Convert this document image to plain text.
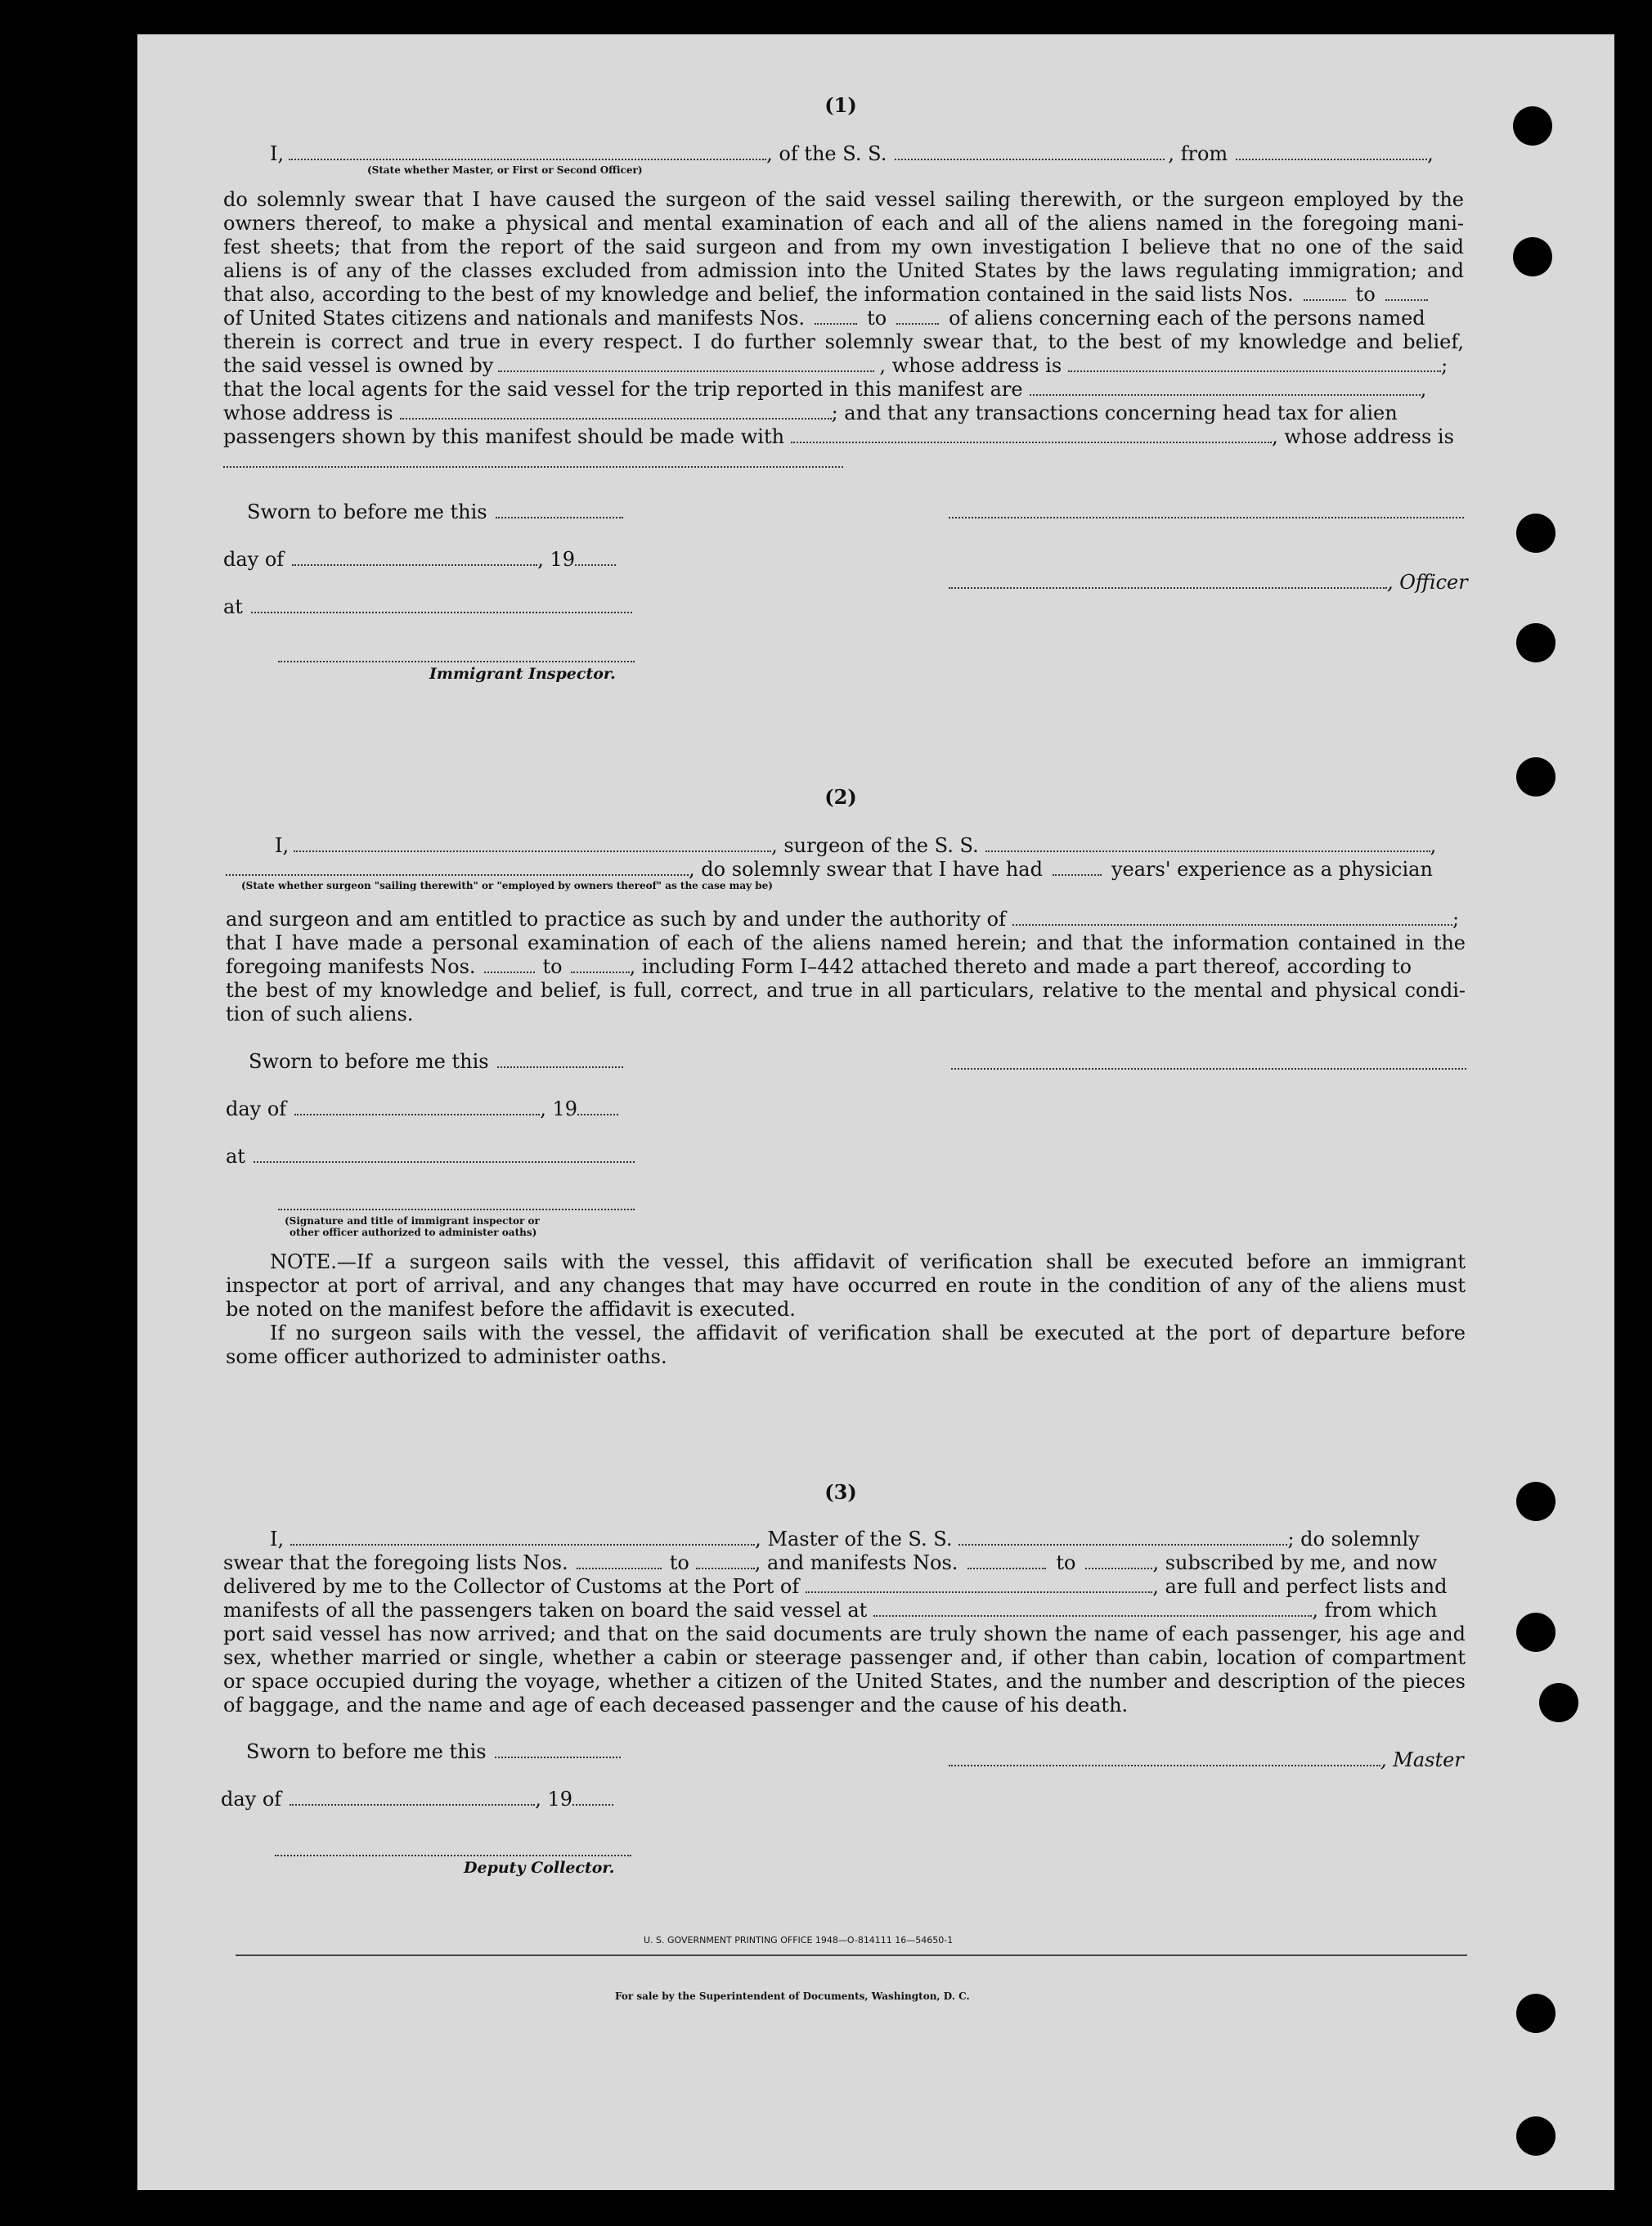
(1)
I,	, of the S. S.	, from	,
(State whether Master, or First or Second Officer)
do solemnly swear that I have caused the surgeon of the said vessel sailing therewith, or the surgeon employed by the
owners thereof, to make a physical and mental examination of each and all of the aliens named in the foregoing mani-
fest sheets; that from the report of the said surgeon and from my own investigation I believe that no one of the said
aliens is of any of the classes excluded from admission into the United States by the laws regulating immigration; and
that also, according to the best of my knowledge and belief, the information contained in the said lists Nos.	to
of United States citizens and nationals and manifests Nos.	to	of aliens concerning each of the persons named
therein is correct and true in every respect. I do further solemnly swear that, to the best of my knowledge and belief,
the said vessel is owned by	, whose address is	;
that the local agents for the said vessel for the trip reported in this manifest are	,
whose address is	; and that any transactions concerning head tax for alien
passengers shown by this manifest should be made with	, whose address is
Sworn to before me this
day of	, 19
at
Immigrant Inspector.
, Officer
(2)
I,	, surgeon of the S. S.	,
, do solemnly swear that I have had	years' experience as a physician
(State whether surgeon "sailing therewith" or "employed by owners thereof" as the case may be)
and surgeon and am entitled to practice as such by and under the authority of	;
that I have made a personal examination of each of the aliens named herein; and that the information contained in the
foregoing manifests Nos.	to	, including Form I–442 attached thereto and made a part thereof, according to
the best of my knowledge and belief, is full, correct, and true in all particulars, relative to the mental and physical condi-
tion of such aliens.
Sworn to before me this
day of	, 19
at
(Signature and title of immigrant inspector or
other officer authorized to administer oaths)
NOTE.—If a surgeon sails with the vessel, this affidavit of verification shall be executed before an immigrant
inspector at port of arrival, and any changes that may have occurred en route in the condition of any of the aliens must
be noted on the manifest before the affidavit is executed.
If no surgeon sails with the vessel, the affidavit of verification shall be executed at the port of departure before
some officer authorized to administer oaths.
(3)
I,	, Master of the S. S.	; do solemnly
swear that the foregoing lists Nos.	to	, and manifests Nos.	to	, subscribed by me, and now
delivered by me to the Collector of Customs at the Port of	, are full and perfect lists and
manifests of all the passengers taken on board the said vessel at	, from which
port said vessel has now arrived; and that on the said documents are truly shown the name of each passenger, his age and
sex, whether married or single, whether a cabin or steerage passenger and, if other than cabin, location of compartment
or space occupied during the voyage, whether a citizen of the United States, and the number and description of the pieces
of baggage, and the name and age of each deceased passenger and the cause of his death.
Sworn to before me this
day of	, 19
Deputy Collector.
, Master
U. S. GOVERNMENT PRINTING OFFICE 1948—O-814111 16—54650-1
For sale by the Superintendent of Documents, Washington, D. C.
